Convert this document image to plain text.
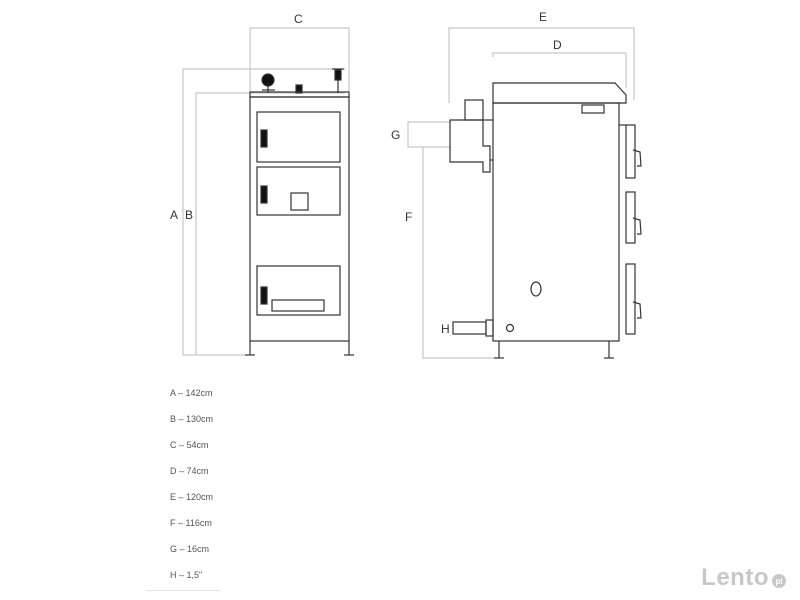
A B
C	E
D
G
F
H
A – 142cm
B – 130cm
C – 54cm
D – 74cm
E – 120cm
F – 116cm
G – 16cm
H – 1,5"	Lento pl
